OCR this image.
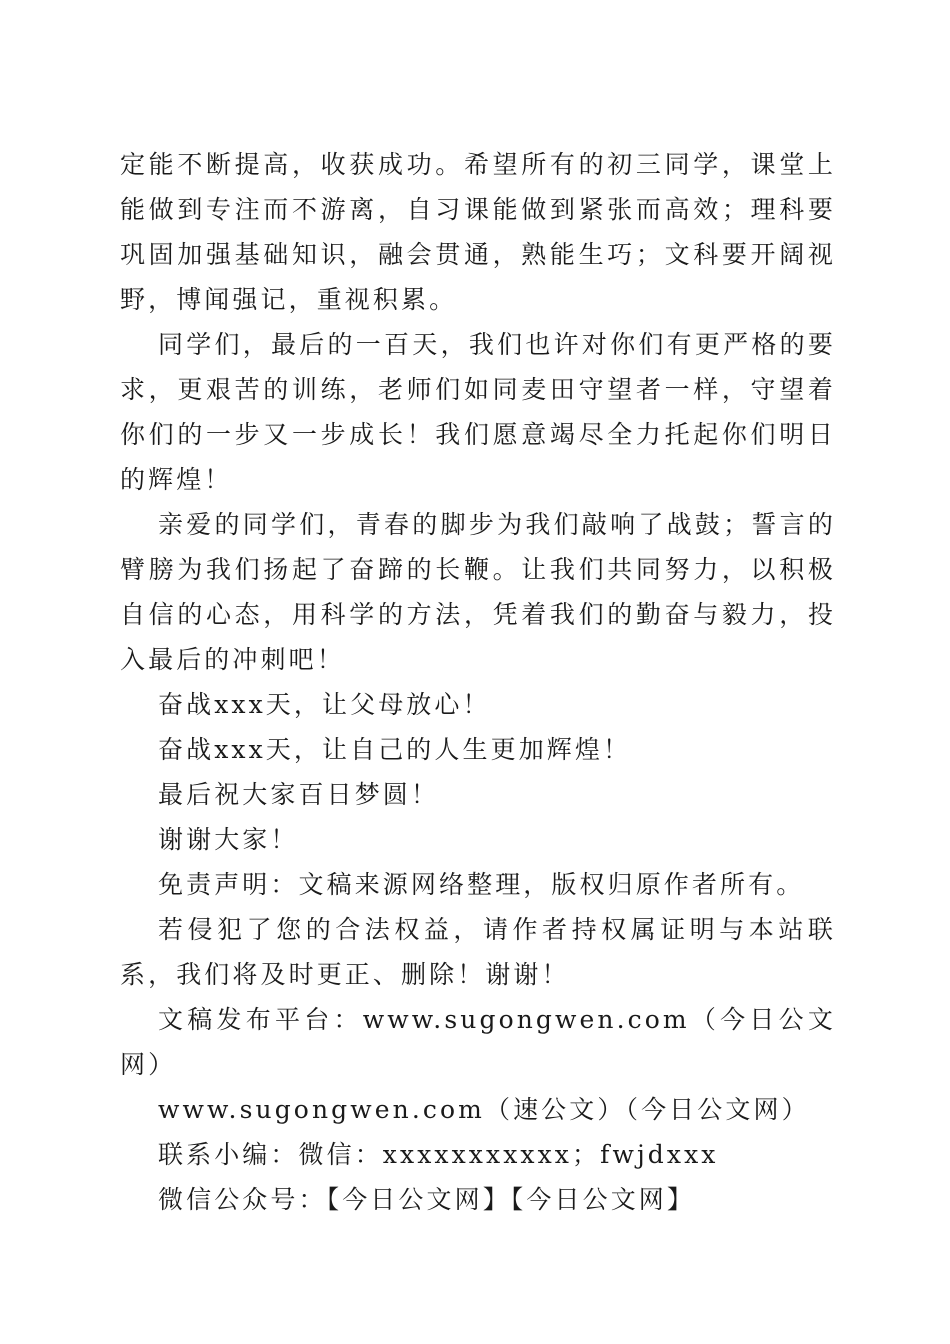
定能不断提高，收获成功。希望所有的初三同学，课堂上能做到专注而不游离，自习课能做到紧张而高效；理科要巩固加强基础知识，融会贯通，熟能生巧；文科要开阔视野，博闻强记，重视积累。

同学们，最后的一百天，我们也许对你们有更严格的要求，更艰苦的训练，老师们如同麦田守望者一样，守望着你们的一步又一步成长！我们愿意竭尽全力托起你们明日的辉煌！

亲爱的同学们，青春的脚步为我们敲响了战鼓；誓言的臂膀为我们扬起了奋蹄的长鞭。让我们共同努力，以积极自信的心态，用科学的方法，凭着我们的勤奋与毅力，投入最后的冲刺吧！

奋战xxx天，让父母放心！

奋战xxx天，让自己的人生更加辉煌！

最后祝大家百日梦圆！

谢谢大家！

免责声明：文稿来源网络整理，版权归原作者所有。

若侵犯了您的合法权益，请作者持权属证明与本站联系，我们将及时更正、删除！谢谢！

文稿发布平台：www.sugongwen.com（今日公文网）

www.sugongwen.com（速公文）（今日公文网）

联系小编：微信：xxxxxxxxxxx；fwjdxxx

微信公众号：【今日公文网】【今日公文网】
